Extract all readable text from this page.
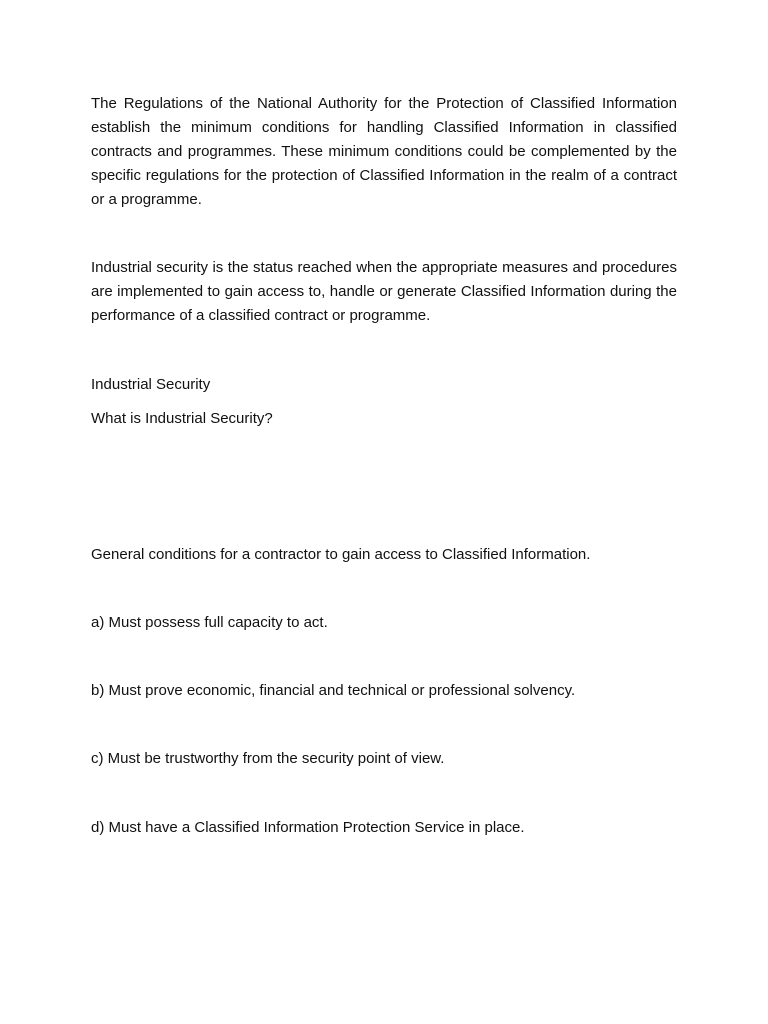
The Regulations of the National Authority for the Protection of Classified Information establish the minimum conditions for handling Classified Information in classified contracts and programmes. These minimum conditions could be complemented by the specific regulations for the protection of Classified Information in the realm of a contract or a programme.

Industrial security is the status reached when the appropriate measures and procedures are implemented to gain access to, handle or generate Classified Information during the performance of a classified contract or programme.

Industrial Security

What is Industrial Security?

General conditions for a contractor to gain access to Classified Information.

a) Must possess full capacity to act.

b) Must prove economic, financial and technical or professional solvency.

c) Must be trustworthy from the security point of view.

d) Must have a Classified Information Protection Service in place.
